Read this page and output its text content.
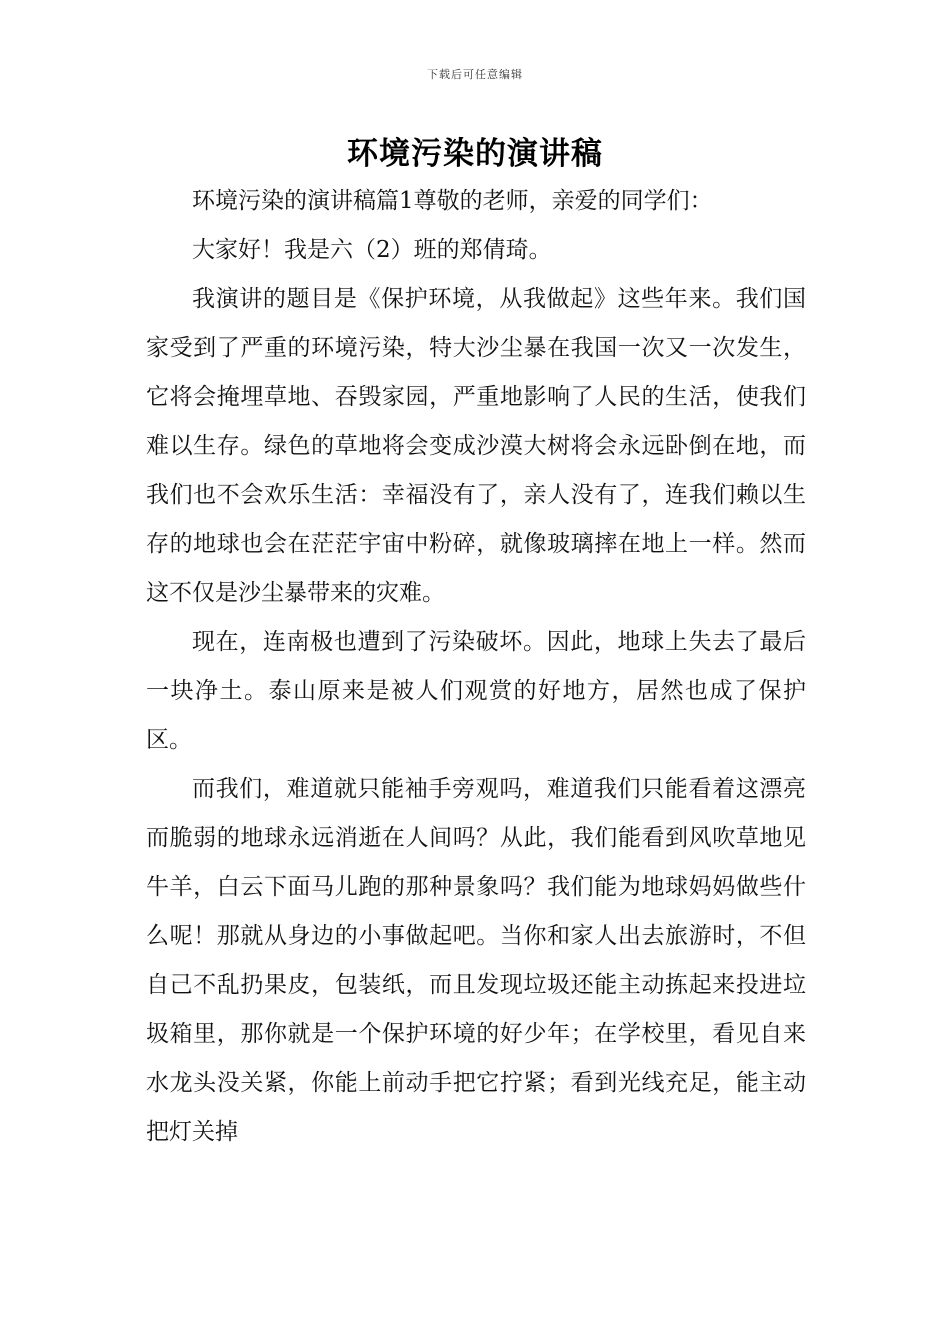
下载后可任意编辑
环境污染的演讲稿

环境污染的演讲稿篇1尊敬的老师，亲爱的同学们：

大家好！我是六（2）班的郑倩琦。

我演讲的题目是《保护环境，从我做起》这些年来。我们国家受到了严重的环境污染，特大沙尘暴在我国一次又一次发生，它将会掩埋草地、吞毁家园，严重地影响了人民的生活，使我们难以生存。绿色的草地将会变成沙漠大树将会永远卧倒在地，而我们也不会欢乐生活：幸福没有了，亲人没有了，连我们赖以生存的地球也会在茫茫宇宙中粉碎，就像玻璃摔在地上一样。然而这不仅是沙尘暴带来的灾难。

现在，连南极也遭到了污染破坏。因此，地球上失去了最后一块净土。泰山原来是被人们观赏的好地方，居然也成了保护区。

而我们，难道就只能袖手旁观吗，难道我们只能看着这漂亮而脆弱的地球永远消逝在人间吗？从此，我们能看到风吹草地见牛羊，白云下面马儿跑的那种景象吗？我们能为地球妈妈做些什么呢！那就从身边的小事做起吧。当你和家人出去旅游时，不但自己不乱扔果皮，包装纸，而且发现垃圾还能主动拣起来投进垃圾箱里，那你就是一个保护环境的好少年；在学校里，看见自来水龙头没关紧，你能上前动手把它拧紧；看到光线充足，能主动把灯关掉
